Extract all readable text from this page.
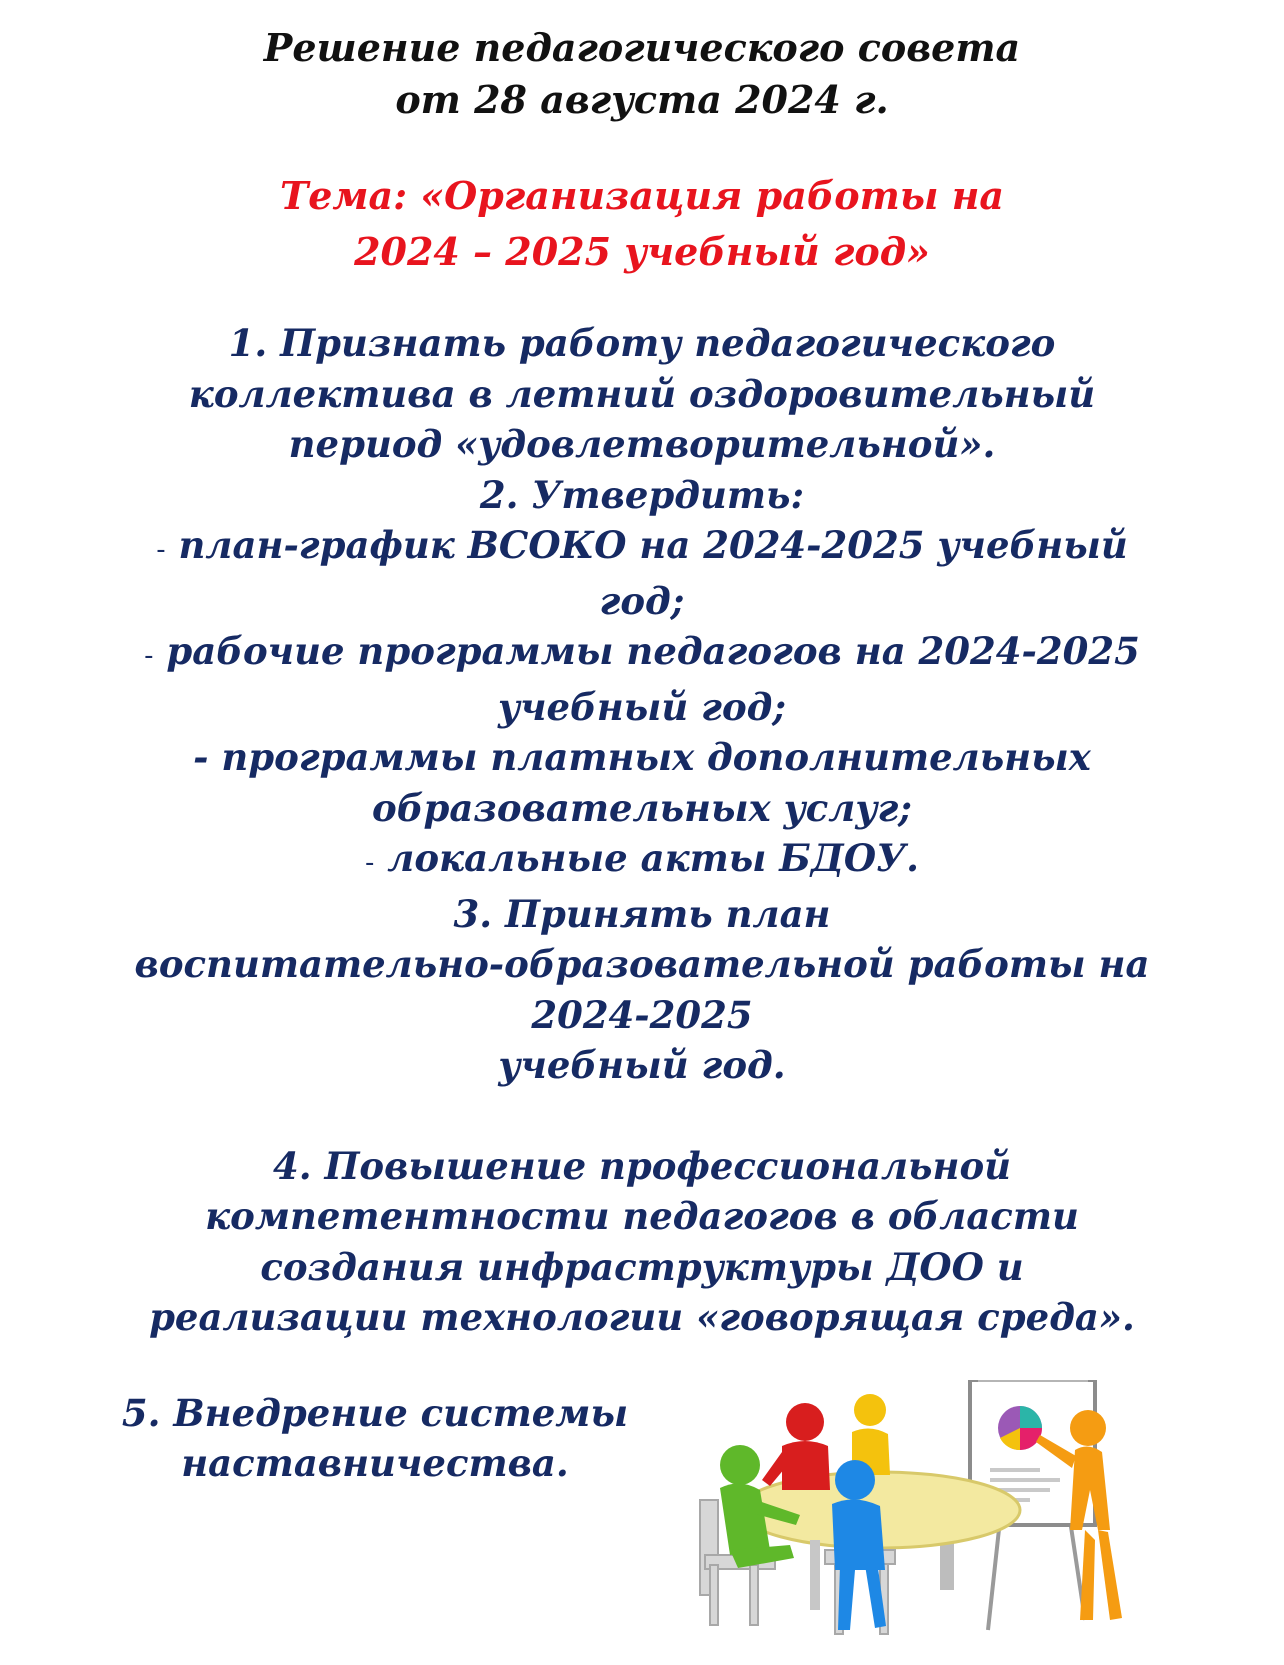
Решение педагогического совета
от 28 августа 2024 г.
Тема: «Организация работы на
2024 – 2025 учебный год»

1. Признать работу педагогического

коллектива в летний оздоровительный

период «удовлетворительной».

2. Утвердить:

- план-график ВСОКО на 2024-2025 учебный

год;

- рабочие программы педагогов на 2024-2025

учебный год;

- программы платных дополнительных

образовательных услуг;

- локальные акты БДОУ.

3. Принять план

воспитательно-образовательной работы на

2024-2025

учебный год.

4. Повышение профессиональной

компетентности педагогов в области

создания инфраструктуры ДОО и

реализации технологии «говорящая среда».

5. Внедрение системы

наставничества.
